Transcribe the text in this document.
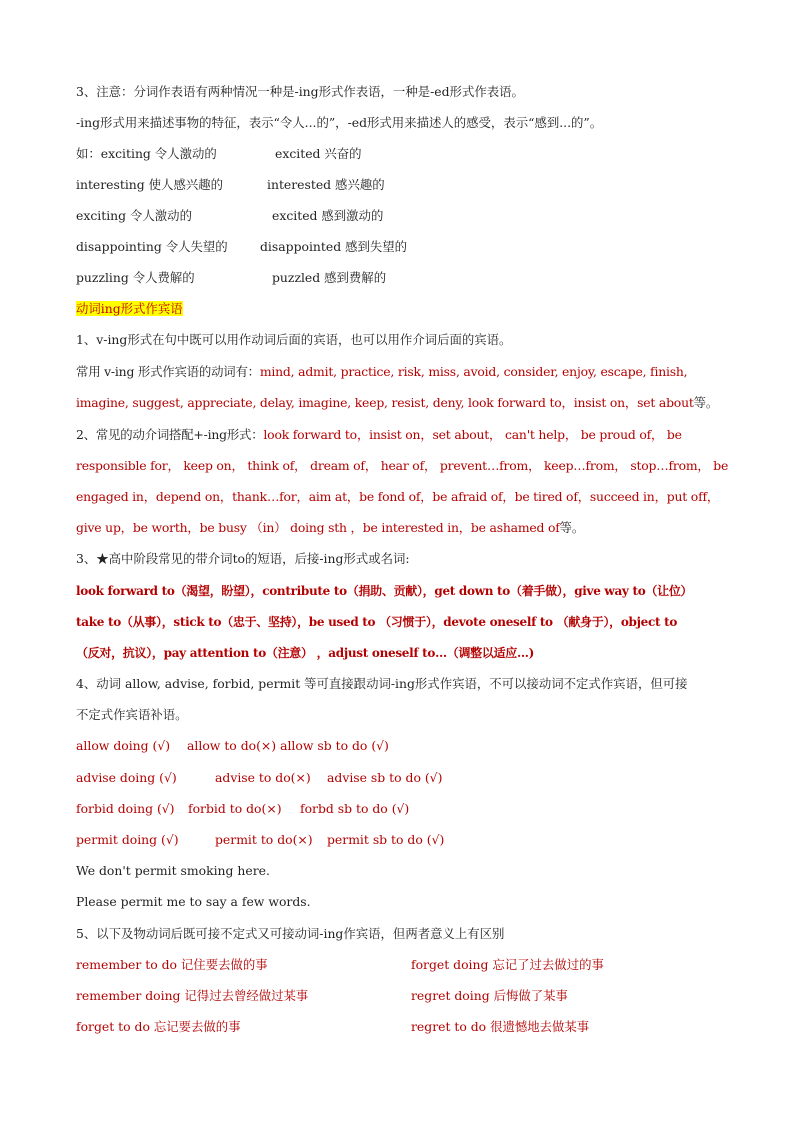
3、注意：分词作表语有两种情况一种是-ing形式作表语，一种是-ed形式作表语。
-ing形式用来描述事物的特征，表示“令人...的”，-ed形式用来描述人的感受，表示“感到...的”。
如：exciting 令人激动的	excited 兴奋的
interesting 使人感兴趣的	interested 感兴趣的
exciting 令人激动的	excited 感到激动的
disappointing 令人失望的	disappointed 感到失望的
puzzling 令人费解的	puzzled 感到费解的
动词ing形式作宾语
1、v-ing形式在句中既可以用作动词后面的宾语，也可以用作介词后面的宾语。
常用 v-ing 形式作宾语的动词有：mind, admit, practice, risk, miss, avoid, consider, enjoy, escape, finish,
imagine, suggest, appreciate, delay, imagine, keep, resist, deny, look forward to，insist on，set about等。
2、常见的动介词搭配+-ing形式：look forward to，insist on，set about， can't help， be proud of， be
responsible for， keep on， think of， dream of， hear of， prevent…from， keep…from， stop…from， be
engaged in，depend on，thank…for，aim at，be fond of，be afraid of，be tired of，succeed in，put off，
give up，be worth，be busy （in） doing sth ，be interested in，be ashamed of等。
3、★高中阶段常见的带介词to的短语，后接-ing形式或名词:
look forward to（渴望，盼望），contribute to（捐助、贡献），get down to（着手做），give way to（让位）
take to（从事），stick to（忠于、坚持），be used to （习惯于），devote oneself to （献身于），object to
（反对，抗议），pay attention to（注意） ，adjust oneself to…（调整以适应...)
4、动词 allow, advise, forbid, permit 等可直接跟动词-ing形式作宾语，不可以接动词不定式作宾语，但可接
不定式作宾语补语。
allow doing (√) allow to do(×) allow sb to do (√)
advise doing (√)	advise to do(×) advise sb to do (√)
forbid doing (√) forbid to do(×) forbd sb to do (√)
permit doing (√)	permit to do(×) permit sb to do (√)
We don't permit smoking here.
Please permit me to say a few words.
5、以下及物动词后既可接不定式又可接动词-ing作宾语，但两者意义上有区别
remember to do 记住要去做的事	forget doing 忘记了过去做过的事
remember doing 记得过去曾经做过某事	regret doing 后悔做了某事
forget to do 忘记要去做的事	regret to do 很遗憾地去做某事
